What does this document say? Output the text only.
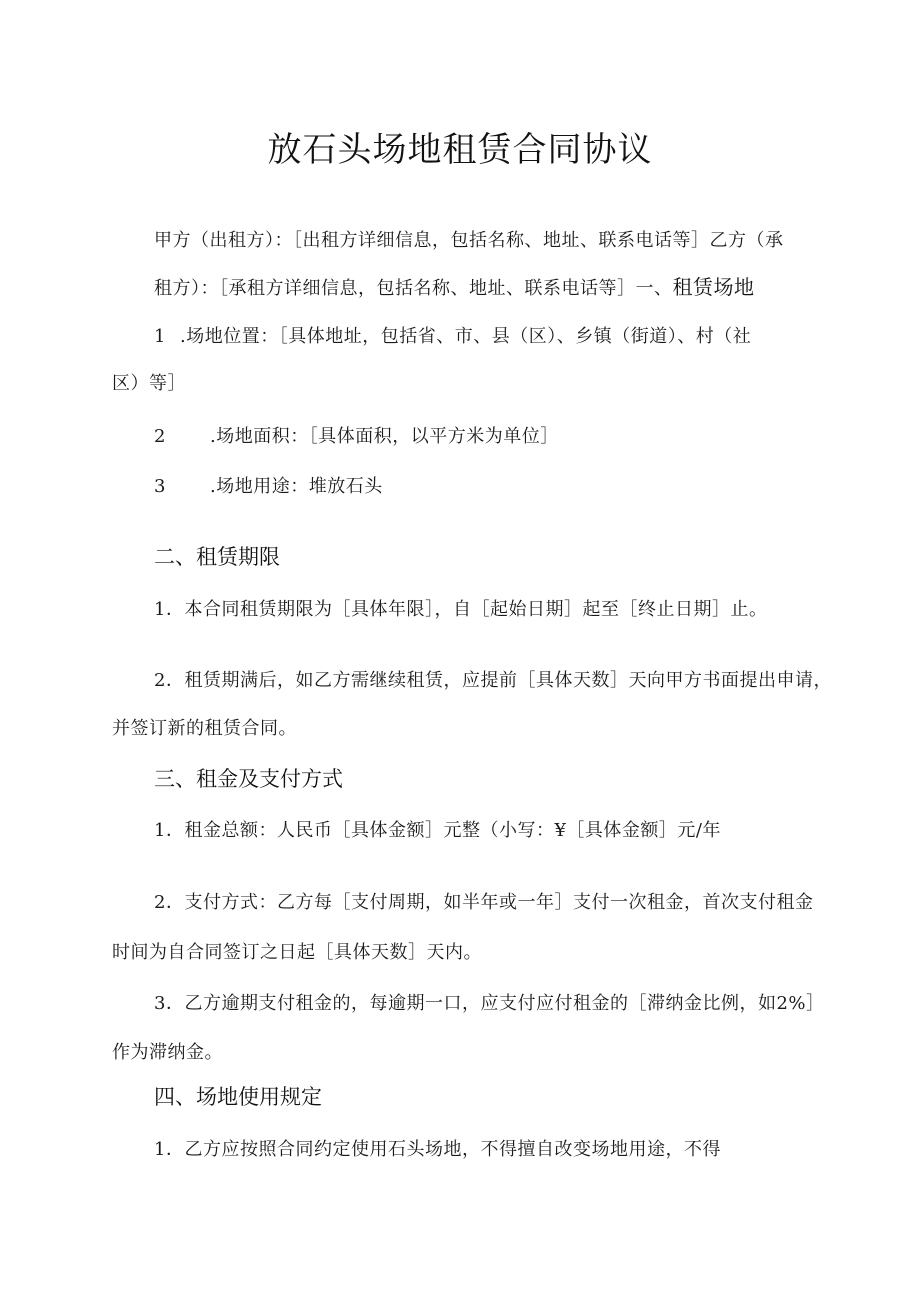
放石头场地租赁合同协议
甲方（出租方）：［出租方详细信息，包括名称、地址、联系电话等］乙方（承
租方）：［承租方详细信息，包括名称、地址、联系电话等］一、租赁场地
1 .场地位置：［具体地址，包括省、市、县（区）、乡镇（街道）、村（社
区）等］
2 .场地面积：［具体面积，以平方米为单位］
3 .场地用途：堆放石头
二、租赁期限
1．本合同租赁期限为［具体年限］，自［起始日期］起至［终止日期］止。
2．租赁期满后，如乙方需继续租赁，应提前［具体天数］天向甲方书面提出申请，
并签订新的租赁合同。
三、租金及支付方式
1．租金总额：人民币［具体金额］元整（小写：¥［具体金额］元/年
2．支付方式：乙方每［支付周期，如半年或一年］支付一次租金，首次支付租金
时间为自合同签订之日起［具体天数］天内。
3．乙方逾期支付租金的，每逾期一口，应支付应付租金的［滞纳金比例，如2%］
作为滞纳金。
四、场地使用规定
1．乙方应按照合同约定使用石头场地，不得擅自改变场地用途，不得
